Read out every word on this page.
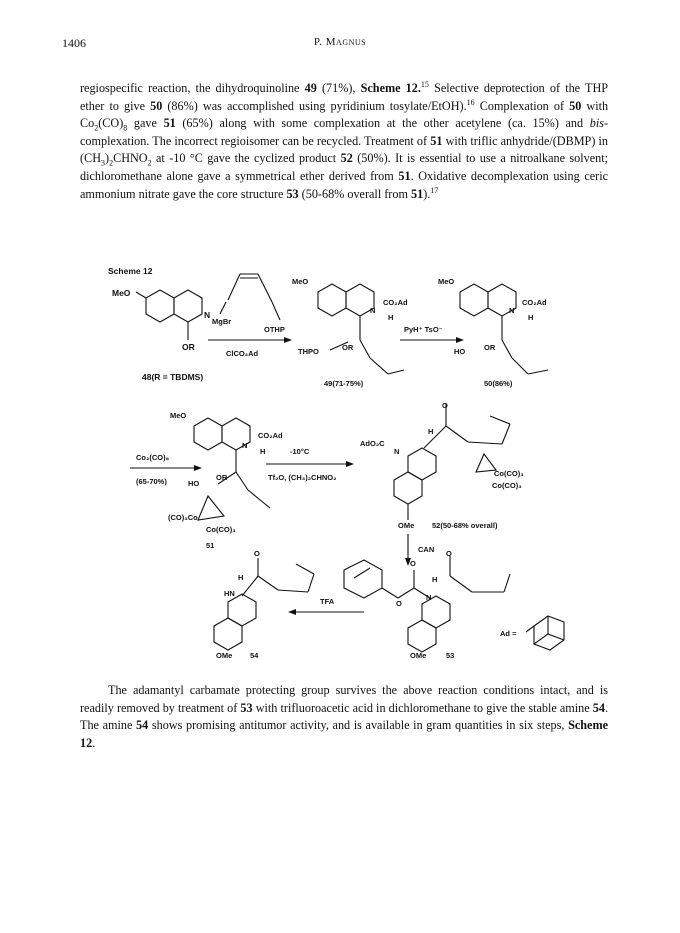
1406	P. Magnus
regiospecific reaction, the dihydroquinoline 49 (71%), Scheme 12.15 Selective deprotection of the THP ether to give 50 (86%) was accomplished using pyridinium tosylate/EtOH).$^{16}$ Complexation of 50 with $Co_2(CO)_8$ gave 51 (65%) along with some complexation at the other acetylene (ca. 15%) and bis-complexation. The incorrect regioisomer can be recycled. Treatment of 51 with triflic anhydride/(DBMP) in $(CH_3)_2CHNO_2$ at -10 °C gave the cyclized product 52 (50%). It is essential to use a nitroalkane solvent; dichloromethane alone gave a symmetrical ether derived from 51. Oxidative decomplexation using ceric ammonium nitrate gave the core structure 53 (50-68% overall from 51).$^{17}$
Scheme 12
MeO
N
OR
48(R = TBDMS)
MgBr
OTHP
ClCO₂Ad
MeO
CO₂Ad
N
H
THPO	OR
49(71-75%)
PyH⁺ TsO⁻
MeO
CO₂Ad
N
H
HO	OR
50(86%)
Co₂(CO)₈
(65-70%)
MeO
CO₂Ad
N
H
HO
OR
(CO)₃Co
Co(CO)₃
51
-10°C
Tf₂O, (CH₃)₂CHNO₂
O
H
AdO₂C
N
Co(CO)₃
Co(CO)₃
OMe 52(50-68% overall)
CAN
O
H
HN
OMe 54
TFA
O
O
H
N
O
OMe	53
Ad =
The adamantyl carbamate protecting group survives the above reaction conditions intact, and is readily removed by treatment of 53 with trifluoroacetic acid in dichloromethane to give the stable amine 54. The amine 54 shows promising antitumor activity, and is available in gram quantities in six steps, Scheme 12.
